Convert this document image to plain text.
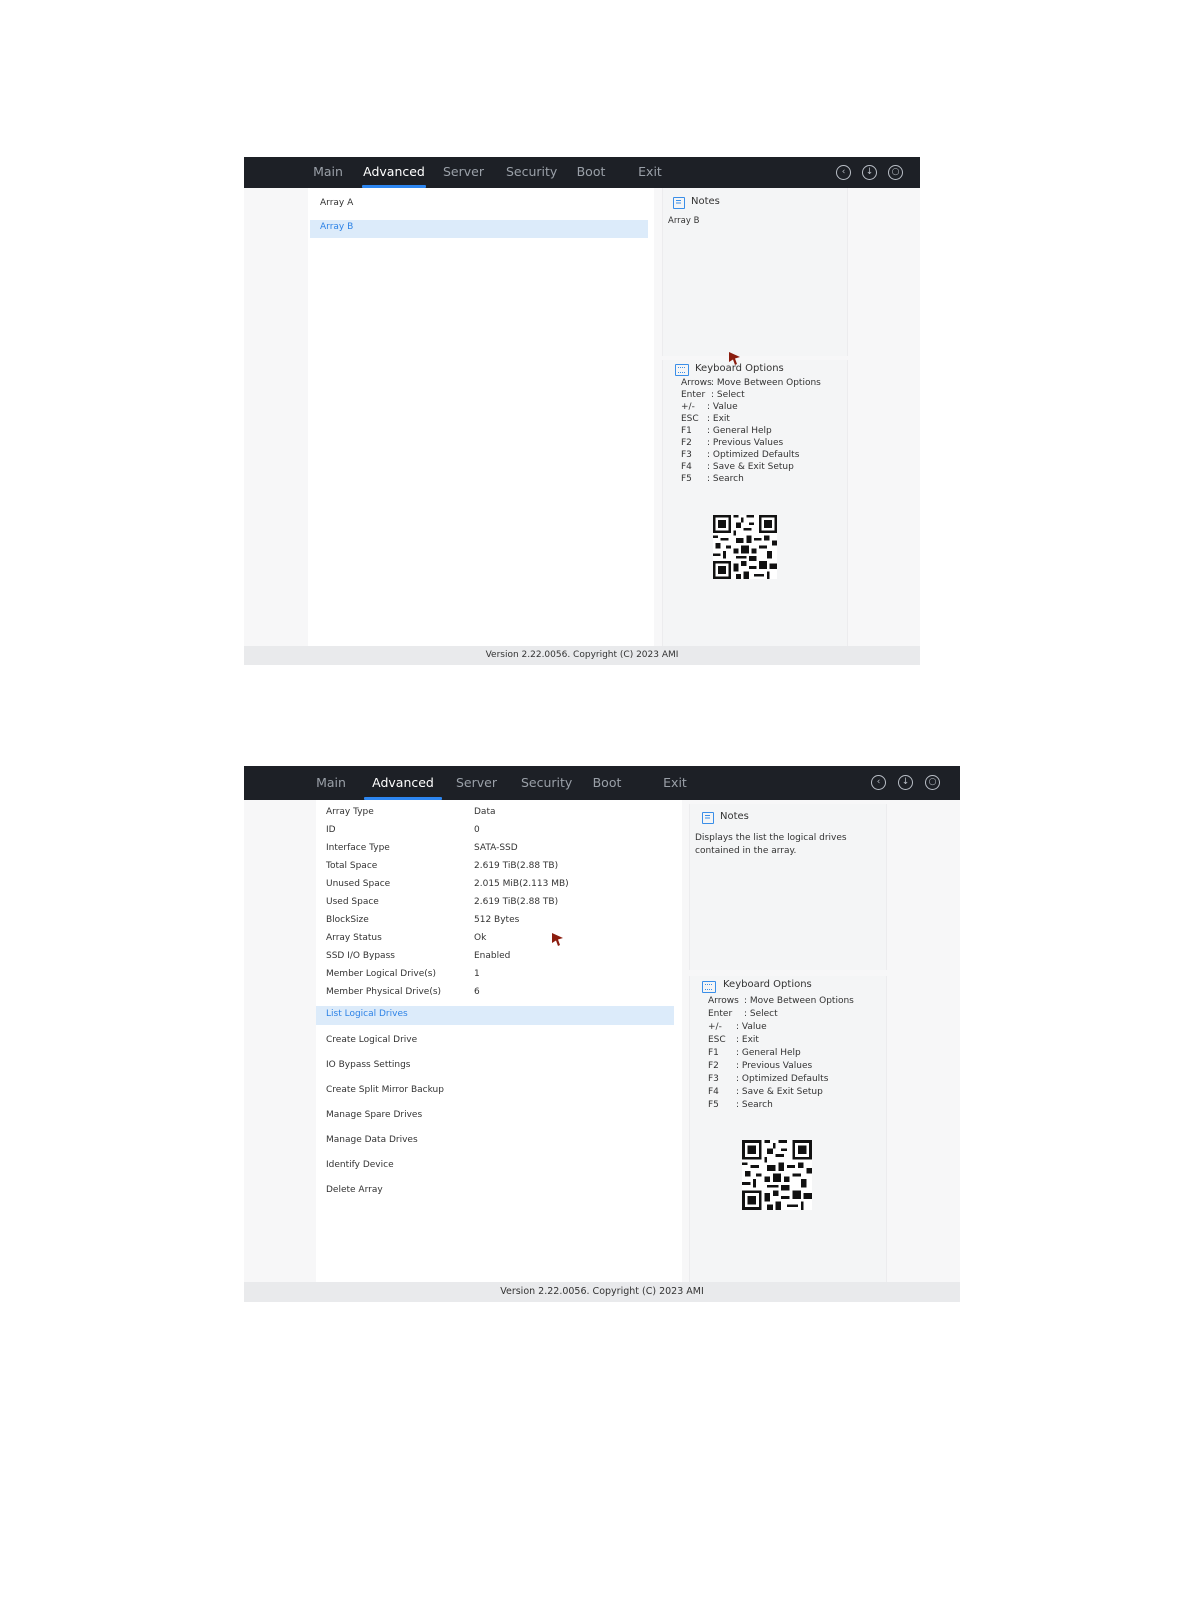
Main Advanced Server Security Boot	Exit	‹	↓	○
Array A
Array B
Notes
Array B
Keyboard Options
Arrows: Move Between Options
Enter : Select
+/- : Value
ESC : Exit
F1 : General Help
F2 : Previous Values
F3 : Optimized Defaults
F4 : Save & Exit Setup
F5 : Search
Version 2.22.0056. Copyright (C) 2023 AMI
Main	Advanced	Server Security Boot	Exit	‹	↓	○
Array Type	Data
ID	0
Interface Type	SATA-SSD
Total Space	2.619 TiB(2.88 TB)
Unused Space	2.015 MiB(2.113 MB)
Used Space	2.619 TiB(2.88 TB)
BlockSize	512 Bytes
Array Status	Ok
SSD I/O Bypass	Enabled
Member Logical Drive(s)	1
Member Physical Drive(s)	6
List Logical Drives
Create Logical Drive
IO Bypass Settings
Create Split Mirror Backup
Manage Spare Drives
Manage Data Drives
Identify Device
Delete Array
Notes
Displays the list the logical drives contained in the array.
Keyboard Options
Arrows : Move Between Options
Enter : Select
+/- : Value
ESC : Exit
F1 : General Help
F2 : Previous Values
F3 : Optimized Defaults
F4 : Save & Exit Setup
F5 : Search
Version 2.22.0056. Copyright (C) 2023 AMI
